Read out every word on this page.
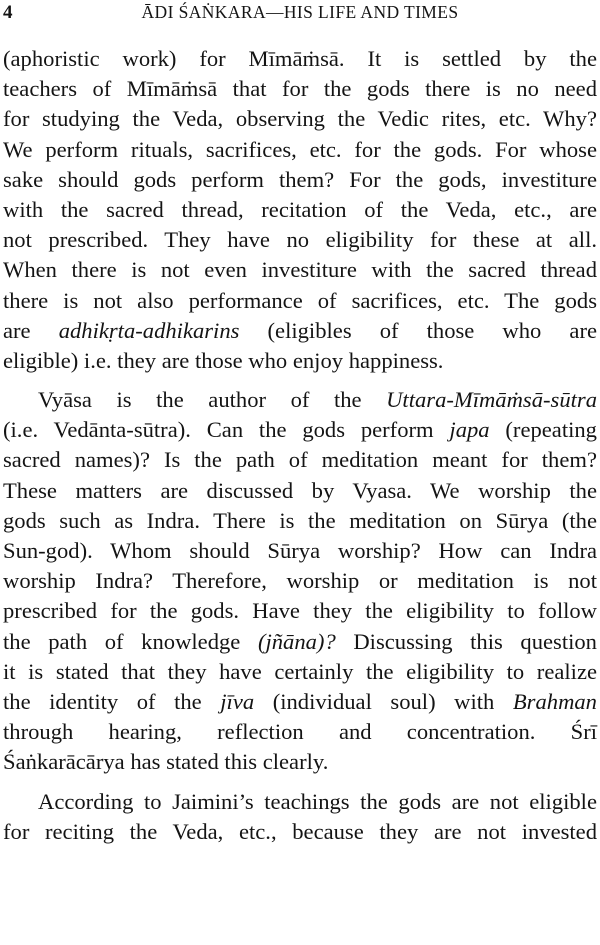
4	ĀDI ŚAṄKARA—HIS LIFE AND TIMES
(aphoristic work) for Mīmāṁsā. It is settled by the
teachers of Mīmāṁsā that for the gods there is no need
for studying the Veda, observing the Vedic rites, etc. Why?
We perform rituals, sacrifices, etc. for the gods. For whose
sake should gods perform them? For the gods, investiture
with the sacred thread, recitation of the Veda, etc., are
not prescribed. They have no eligibility for these at all.
When there is not even investiture with the sacred thread
there is not also performance of sacrifices, etc. The gods
are adhikṛta-adhikarins (eligibles of those who are
eligible) i.e. they are those who enjoy happiness.
Vyāsa is the author of the Uttara-Mīmāṁsā-sūtra
(i.e. Vedānta-sūtra). Can the gods perform japa (repeating
sacred names)? Is the path of meditation meant for them?
These matters are discussed by Vyasa. We worship the
gods such as Indra. There is the meditation on Sūrya (the
Sun-god). Whom should Sūrya worship? How can Indra
worship Indra? Therefore, worship or meditation is not
prescribed for the gods. Have they the eligibility to follow
the path of knowledge (jñāna)? Discussing this question
it is stated that they have certainly the eligibility to realize
the identity of the jīva (individual soul) with Brahman
through hearing, reflection and concentration. Śrī
Śaṅkarācārya has stated this clearly.
According to Jaimini’s teachings the gods are not eligible
for reciting the Veda, etc., because they are not invested
